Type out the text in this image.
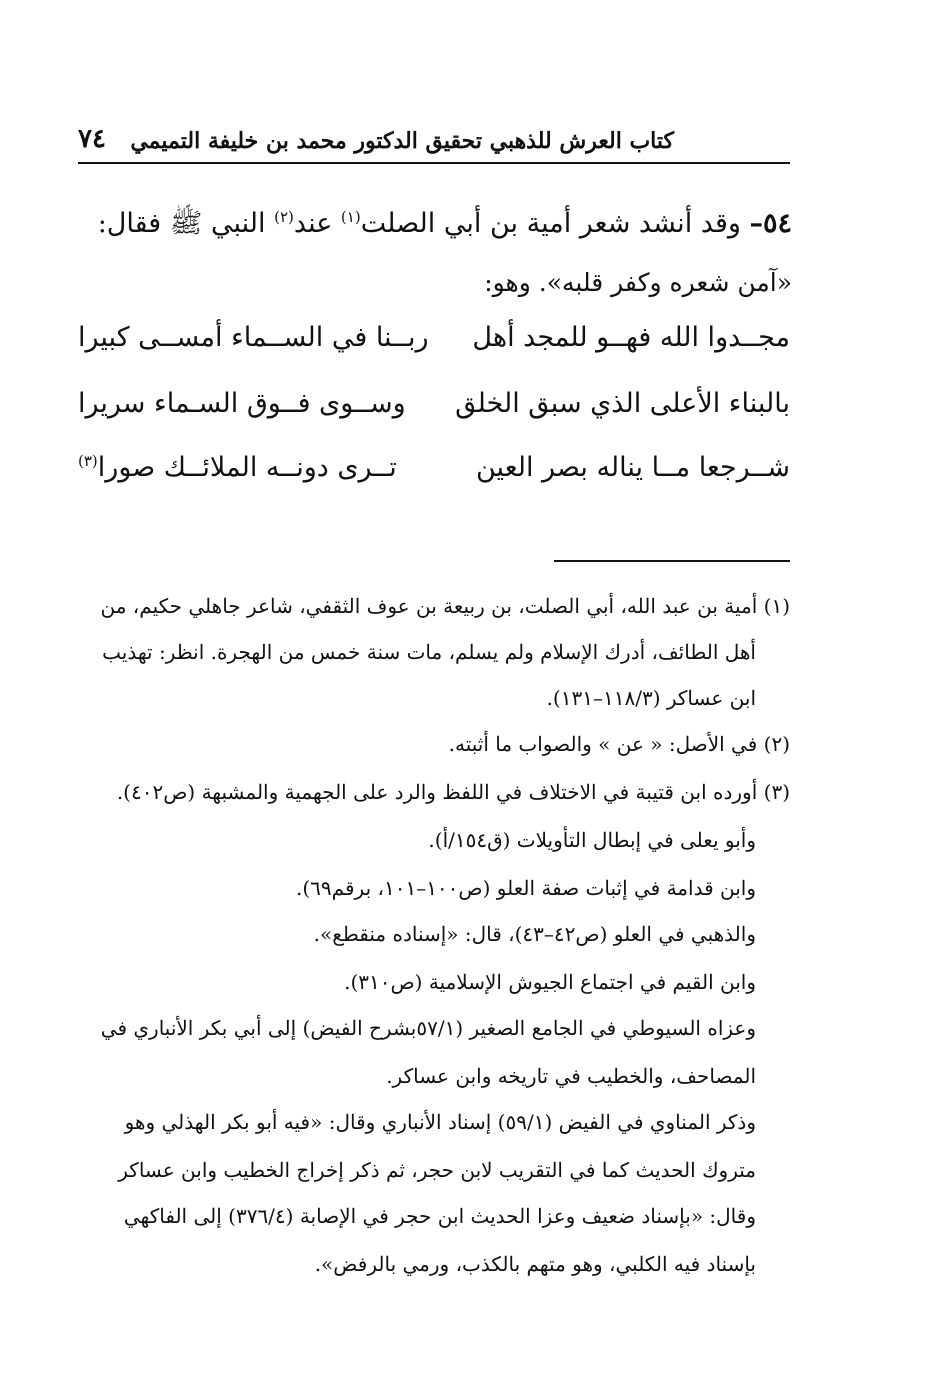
كتاب العرش للذهبي تحقيق الدكتور محمد بن خليفة التميمي
٧٤
٥٤– وقد أنشد شعر أمية بن أبي الصلت$^{(١)}$ عند$^{(٢)}$ النبي ﷺ فقال:
«آمن شعره وكفر قلبه». وهو:
مجــدوا الله فهــو للمجد أهل
ربــنا في الســماء أمســى كبيرا
بالبناء الأعلى الذي سبق الخلق
وســوى فــوق السـماء سريرا
شــرجعا مــا يناله بصر العين
تــرى دونــه الملائــك صورا$^{(٣)}$
(١) أمية بن عبد الله، أبي الصلت، بن ربيعة بن عوف الثقفي، شاعر جاهلي حكيم، من
أهل الطائف، أدرك الإسلام ولم يسلم، مات سنة خمس من الهجرة. انظر: تهذيب
ابن عساكر (١١٨/٣–١٣١).
(٢) في الأصل: « عن » والصواب ما أثبته.
(٣) أورده ابن قتيبة في الاختلاف في اللفظ والرد على الجهمية والمشبهة (ص٤٠٢).
وأبو يعلى في إبطال التأويلات (ق١٥٤/أ).
وابن قدامة في إثبات صفة العلو (ص١٠٠–١٠١، برقم٦٩).
والذهبي في العلو (ص٤٢–٤٣)، قال: «إسناده منقطع».
وابن القيم في اجتماع الجيوش الإسلامية (ص٣١٠).
وعزاه السيوطي في الجامع الصغير (٥٧/١بشرح الفيض) إلى أبي بكر الأنباري في
المصاحف، والخطيب في تاريخه وابن عساكر.
وذكر المناوي في الفيض (٥٩/١) إسناد الأنباري وقال: «فيه أبو بكر الهذلي وهو
متروك الحديث كما في التقريب لابن حجر، ثم ذكر إخراج الخطيب وابن عساكر
وقال: «بإسناد ضعيف وعزا الحديث ابن حجر في الإصابة (٣٧٦/٤) إلى الفاكهي
بإسناد فيه الكلبي، وهو متهم بالكذب، ورمي بالرفض».
